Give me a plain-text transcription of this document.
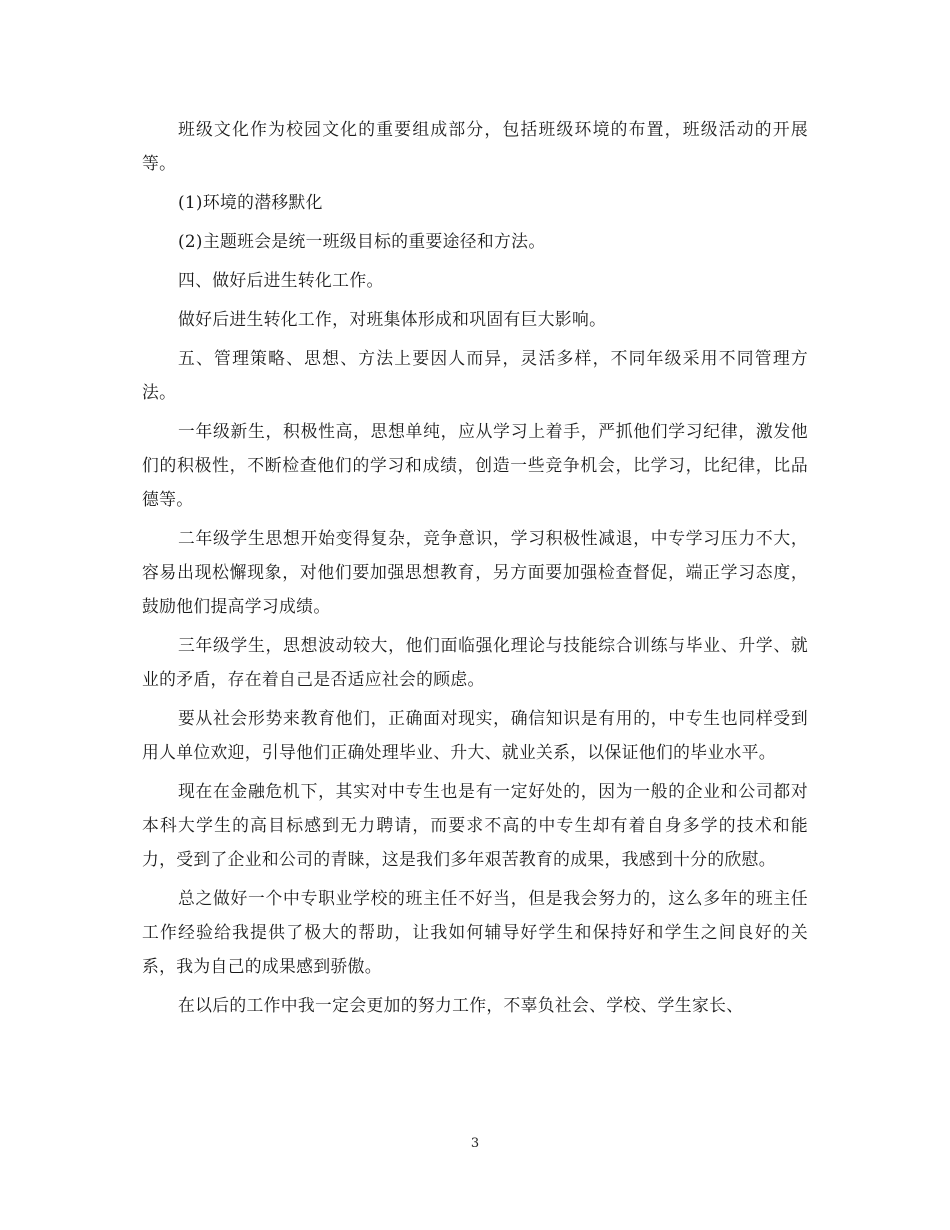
班级文化作为校园文化的重要组成部分，包括班级环境的布置，班级活动的开展等。

(1)环境的潜移默化

(2)主题班会是统一班级目标的重要途径和方法。

四、做好后进生转化工作。

做好后进生转化工作，对班集体形成和巩固有巨大影响。

五、管理策略、思想、方法上要因人而异，灵活多样，不同年级采用不同管理方法。

一年级新生，积极性高，思想单纯，应从学习上着手，严抓他们学习纪律，激发他们的积极性，不断检查他们的学习和成绩，创造一些竞争机会，比学习，比纪律，比品德等。

二年级学生思想开始变得复杂，竞争意识，学习积极性减退，中专学习压力不大，容易出现松懈现象，对他们要加强思想教育，另方面要加强检查督促，端正学习态度，鼓励他们提高学习成绩。

三年级学生，思想波动较大，他们面临强化理论与技能综合训练与毕业、升学、就业的矛盾，存在着自己是否适应社会的顾虑。

要从社会形势来教育他们，正确面对现实，确信知识是有用的，中专生也同样受到用人单位欢迎，引导他们正确处理毕业、升大、就业关系，以保证他们的毕业水平。

现在在金融危机下，其实对中专生也是有一定好处的，因为一般的企业和公司都对本科大学生的高目标感到无力聘请，而要求不高的中专生却有着自身多学的技术和能力，受到了企业和公司的青睐，这是我们多年艰苦教育的成果，我感到十分的欣慰。

总之做好一个中专职业学校的班主任不好当，但是我会努力的，这么多年的班主任工作经验给我提供了极大的帮助，让我如何辅导好学生和保持好和学生之间良好的关系，我为自己的成果感到骄傲。

在以后的工作中我一定会更加的努力工作，不辜负社会、学校、学生家长、

3
